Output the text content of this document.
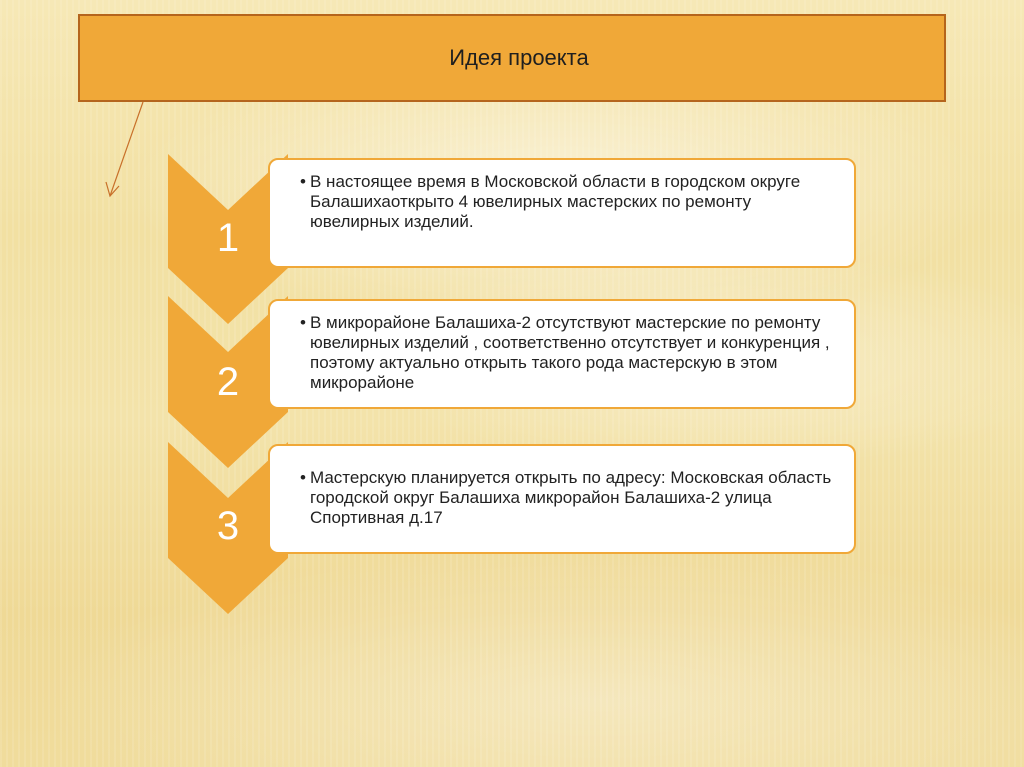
Идея проекта
1
• В настоящее время в Московской области в городском округе Балашихаоткрыто 4 ювелирных мастерских по ремонту ювелирных изделий.
2
• В микрорайоне Балашиха-2 отсутствуют мастерские по ремонту ювелирных изделий , соответственно отсутствует и конкуренция , поэтому актуально открыть такого рода мастерскую в этом микрорайоне
3
• Мастерскую планируется открыть по адресу: Московская область городской округ Балашиха микрорайон Балашиха-2 улица Спортивная д.17
